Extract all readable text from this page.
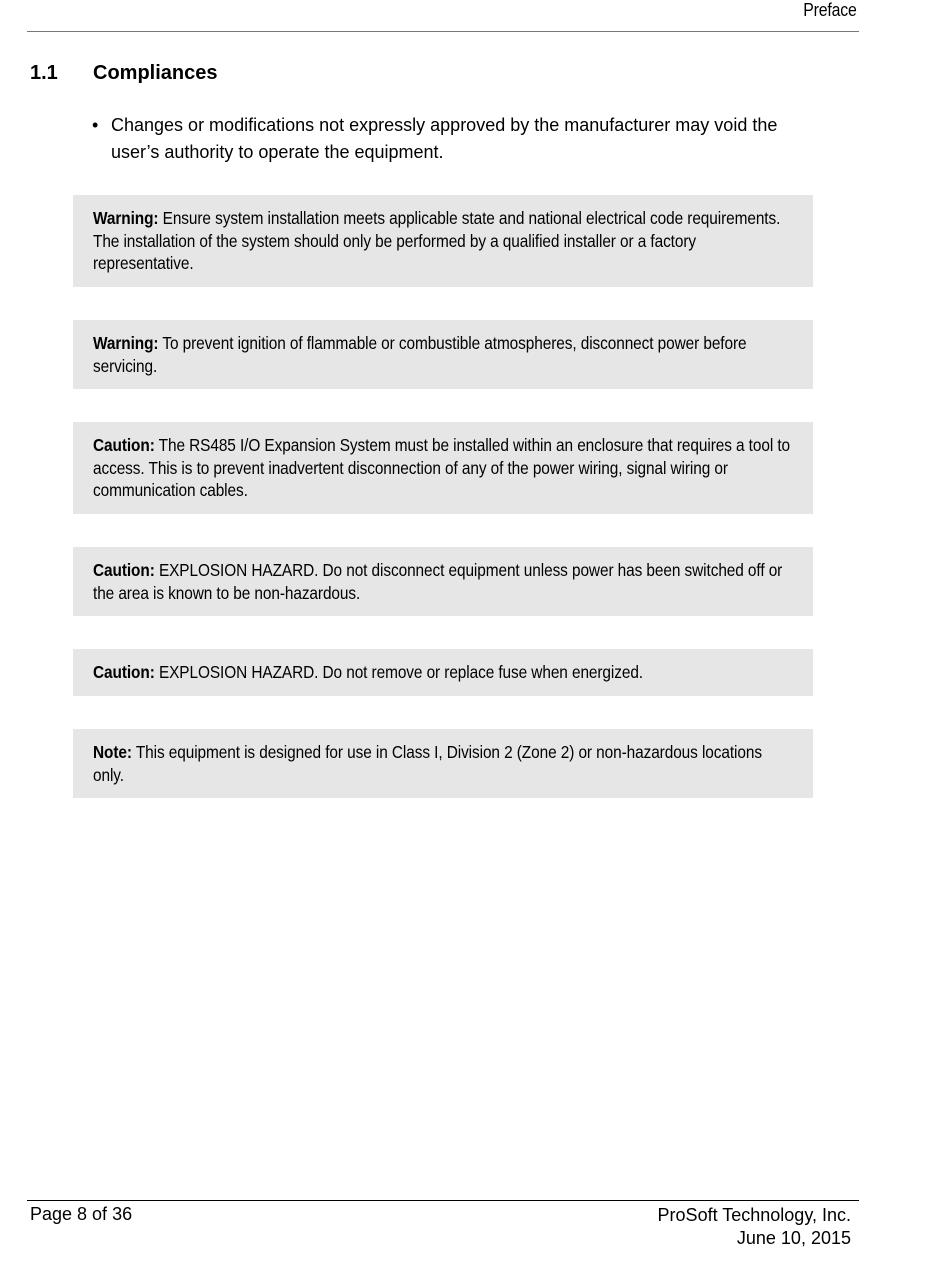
Preface
1.1 Compliances
• Changes or modifications not expressly approved by the manufacturer may void the user’s authority to operate the equipment.
Warning: Ensure system installation meets applicable state and national electrical code requirements. The installation of the system should only be performed by a qualified installer or a factory representative.
Warning: To prevent ignition of flammable or combustible atmospheres, disconnect power before servicing.
Caution: The RS485 I/O Expansion System must be installed within an enclosure that requires a tool to access. This is to prevent inadvertent disconnection of any of the power wiring, signal wiring or communication cables.
Caution: EXPLOSION HAZARD. Do not disconnect equipment unless power has been switched off or the area is known to be non-hazardous.
Caution: EXPLOSION HAZARD. Do not remove or replace fuse when energized.
Note: This equipment is designed for use in Class I, Division 2 (Zone 2) or non-hazardous locations only.
Page 8 of 36	ProSoft Technology, Inc.
June 10, 2015
